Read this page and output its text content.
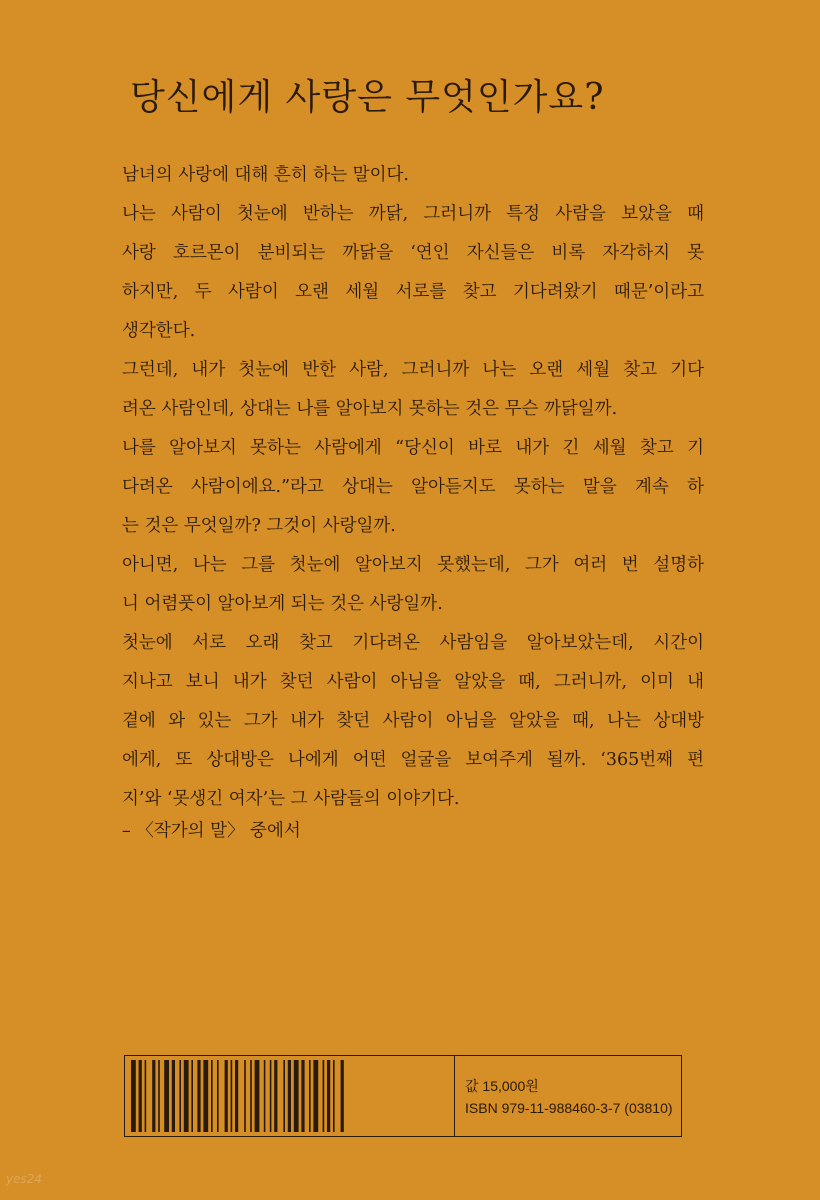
당신에게 사랑은 무엇인가요?
남녀의 사랑에 대해 흔히 하는 말이다.
나는 사람이 첫눈에 반하는 까닭, 그러니까 특정 사람을 보았을 때
사랑 호르몬이 분비되는 까닭을 ‘연인 자신들은 비록 자각하지 못
하지만, 두 사람이 오랜 세월 서로를 찾고 기다려왔기 때문’이라고
생각한다.
그런데, 내가 첫눈에 반한 사람, 그러니까 나는 오랜 세월 찾고 기다
려온 사람인데, 상대는 나를 알아보지 못하는 것은 무슨 까닭일까.
나를 알아보지 못하는 사람에게 “당신이 바로 내가 긴 세월 찾고 기
다려온 사람이에요.”라고 상대는 알아듣지도 못하는 말을 계속 하
는 것은 무엇일까? 그것이 사랑일까.
아니면, 나는 그를 첫눈에 알아보지 못했는데, 그가 여러 번 설명하
니 어렴풋이 알아보게 되는 것은 사랑일까.
첫눈에 서로 오래 찾고 기다려온 사람임을 알아보았는데, 시간이
지나고 보니 내가 찾던 사람이 아님을 알았을 때, 그러니까, 이미 내
곁에 와 있는 그가 내가 찾던 사람이 아님을 알았을 때, 나는 상대방
에게, 또 상대방은 나에게 어떤 얼굴을 보여주게 될까. ‘365번째 편
지’와 ‘못생긴 여자’는 그 사람들의 이야기다.
– 〈작가의 말〉 중에서
값 15,000원
ISBN 979-11-988460-3-7 (03810)
yes24
